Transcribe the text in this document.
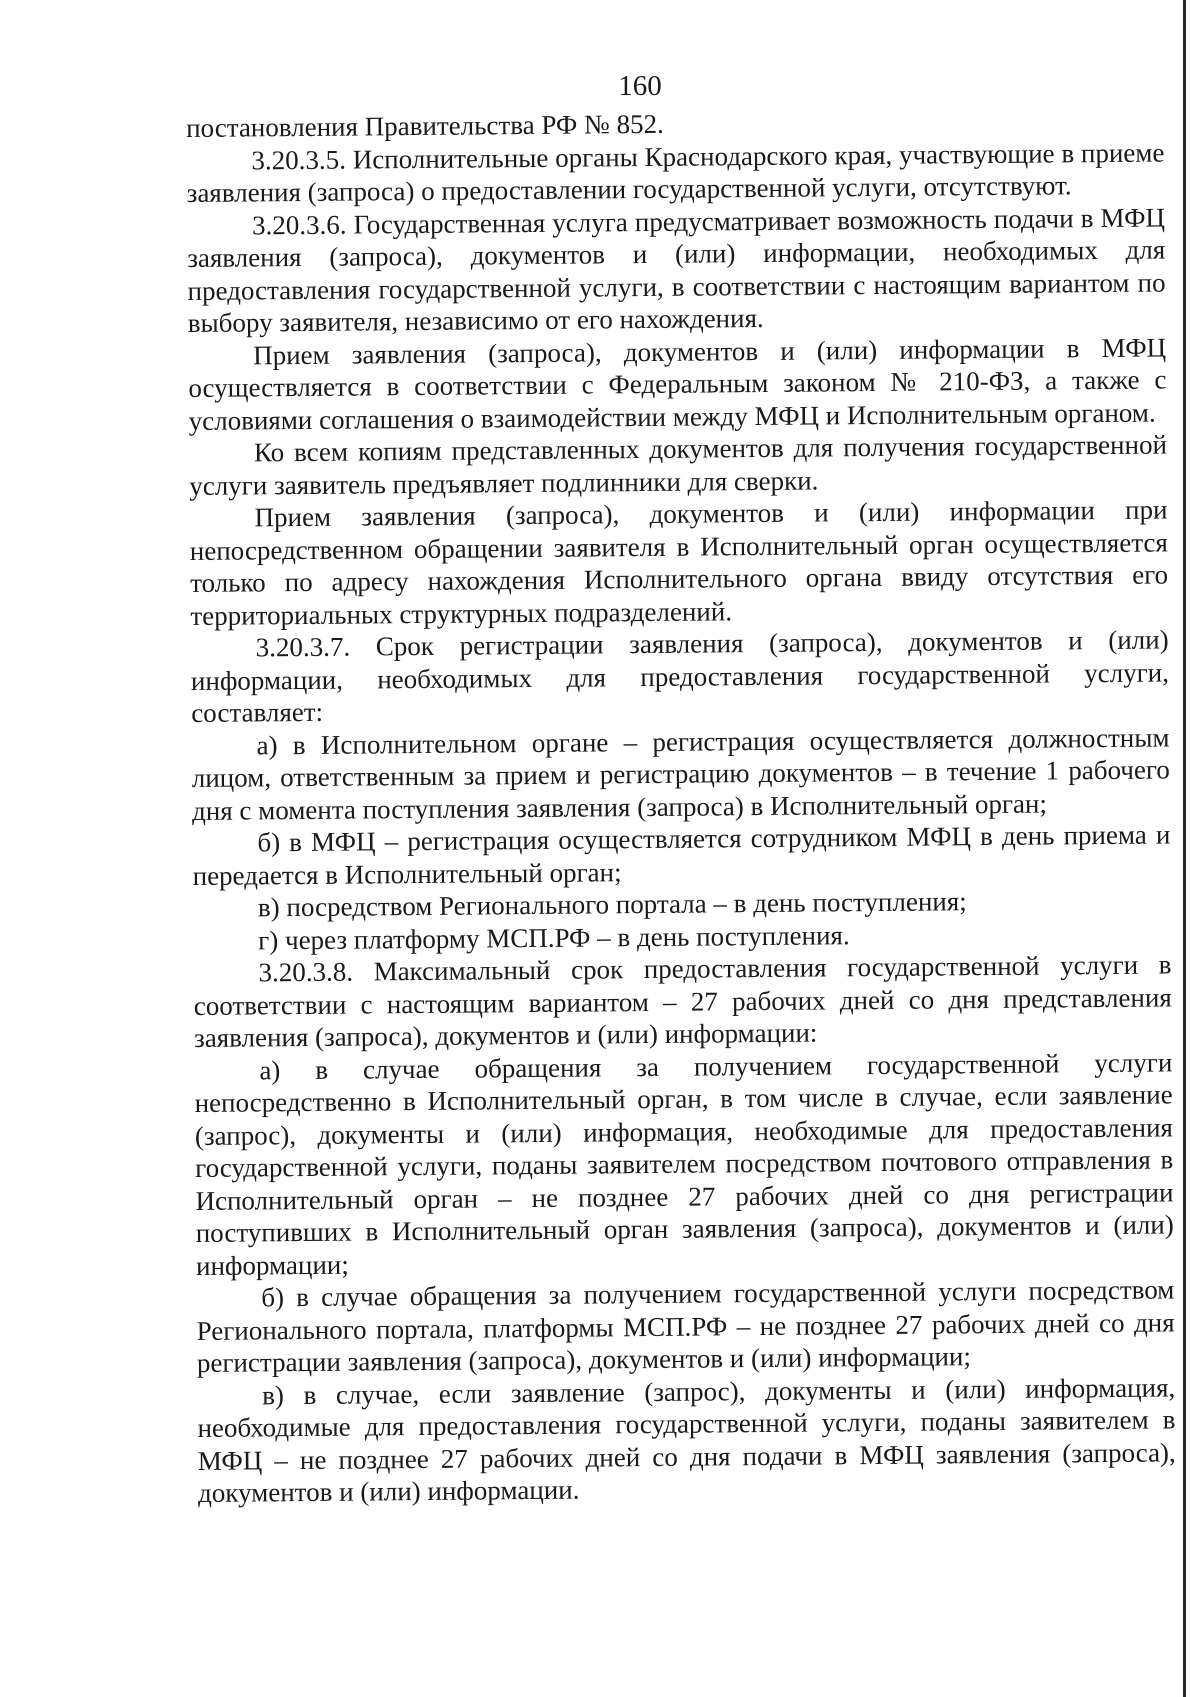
160

постановления Правительства РФ № 852.

3.20.3.5. Исполнительные органы Краснодарского края, участвующие в приеме заявления (запроса) о предоставлении государственной услуги, отсутствуют.

3.20.3.6. Государственная услуга предусматривает возможность подачи в МФЦ заявления (запроса), документов и (или) информации, необходимых для предоставления государственной услуги, в соответствии с настоящим вариантом по выбору заявителя, независимо от его нахождения.

Прием заявления (запроса), документов и (или) информации в МФЦ осуществляется в соответствии с Федеральным законом № 210-ФЗ, а также с условиями соглашения о взаимодействии между МФЦ и Исполнительным органом.

Ко всем копиям представленных документов для получения государственной услуги заявитель предъявляет подлинники для сверки.

Прием заявления (запроса), документов и (или) информации при непосредственном обращении заявителя в Исполнительный орган осуществляется только по адресу нахождения Исполнительного органа ввиду отсутствия его территориальных структурных подразделений.

3.20.3.7. Срок регистрации заявления (запроса), документов и (или) информации, необходимых для предоставления государственной услуги, составляет:

а) в Исполнительном органе – регистрация осуществляется должностным лицом, ответственным за прием и регистрацию документов – в течение 1 рабочего дня с момента поступления заявления (запроса) в Исполнительный орган;

б) в МФЦ – регистрация осуществляется сотрудником МФЦ в день приема и передается в Исполнительный орган;

в) посредством Регионального портала – в день поступления;

г) через платформу МСП.РФ – в день поступления.

3.20.3.8. Максимальный срок предоставления государственной услуги в соответствии с настоящим вариантом – 27 рабочих дней со дня представления заявления (запроса), документов и (или) информации:

а) в случае обращения за получением государственной услуги непосредственно в Исполнительный орган, в том числе в случае, если заявление (запрос), документы и (или) информация, необходимые для предоставления государственной услуги, поданы заявителем посредством почтового отправления в Исполнительный орган – не позднее 27 рабочих дней со дня регистрации поступивших в Исполнительный орган заявления (запроса), документов и (или) информации;

б) в случае обращения за получением государственной услуги посредством Регионального портала, платформы МСП.РФ – не позднее 27 рабочих дней со дня регистрации заявления (запроса), документов и (или) информации;

в) в случае, если заявление (запрос), документы и (или) информация, необходимые для предоставления государственной услуги, поданы заявителем в МФЦ – не позднее 27 рабочих дней со дня подачи в МФЦ заявления (запроса), документов и (или) информации.
